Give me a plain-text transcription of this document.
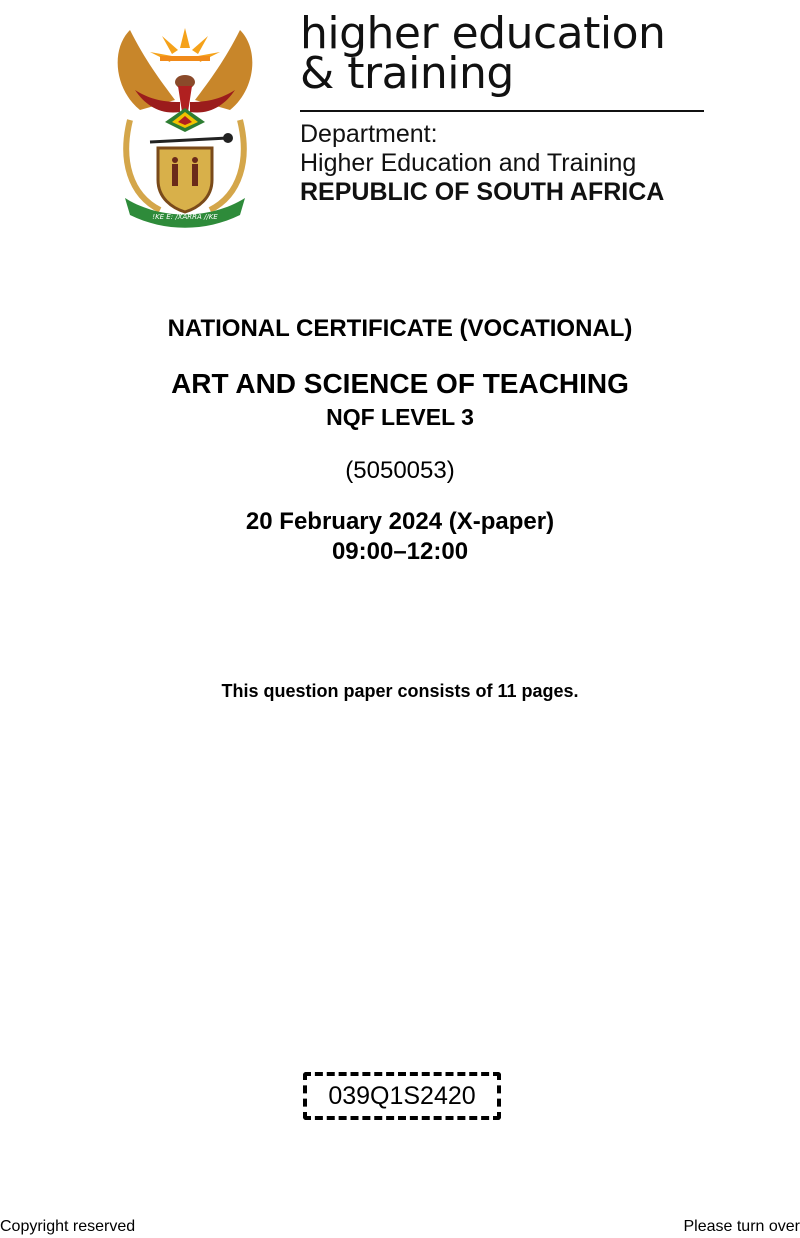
!KE E: /XARRA //KE
higher education
& training
Department:
Higher Education and Training
REPUBLIC OF SOUTH AFRICA
NATIONAL CERTIFICATE (VOCATIONAL)
ART AND SCIENCE OF TEACHING
NQF LEVEL 3
(5050053)
20 February 2024 (X-paper)
09:00–12:00
This question paper consists of 11 pages.
039Q1S2420
Copyright reserved	Please turn over
